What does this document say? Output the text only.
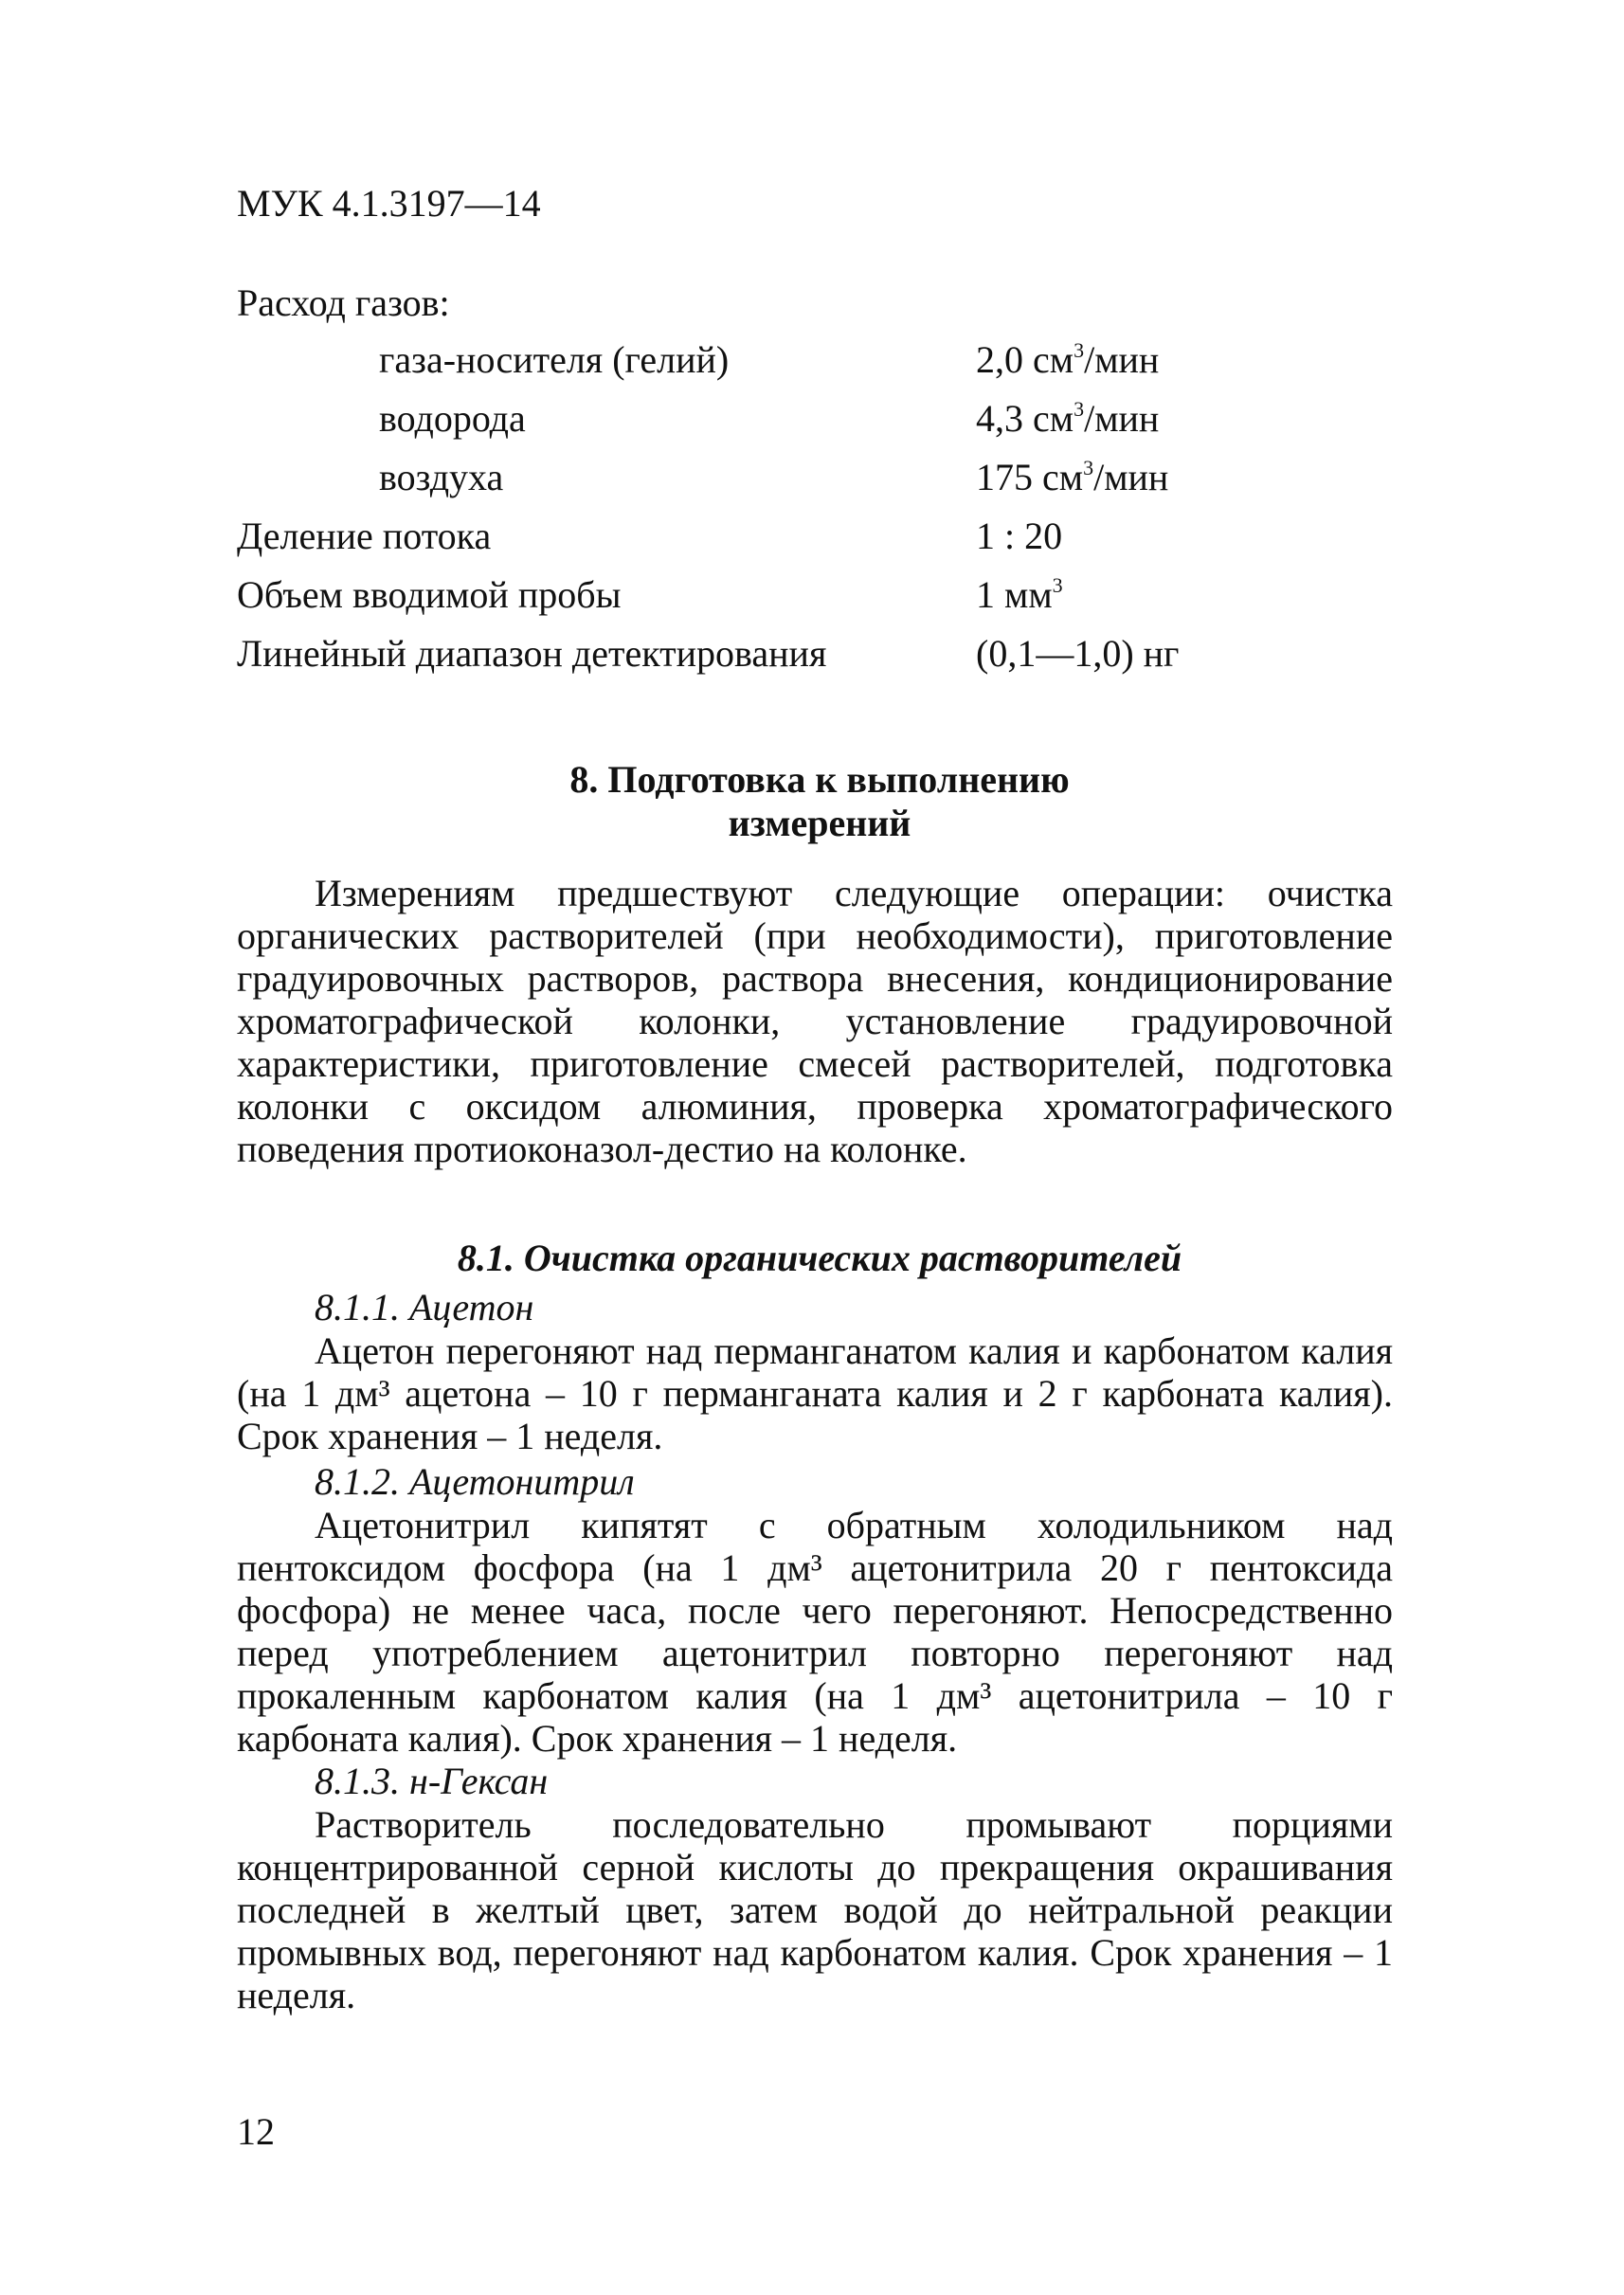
МУК 4.1.3197—14
Расход газов:
газа-носителя (гелий)	2,0 $см^3$/мин
водорода	4,3 $см^3$/мин
воздуха	175 $см^3$/мин
Деление потока	1 : 20
Объем вводимой пробы	1 $мм^3$
Линейный диапазон детектирования	(0,1—1,0) нг
8. Подготовка к выполнению
измерений
Измерениям предшествуют следующие операции: очистка органических растворителей (при необходимости), приготовление градуировочных растворов, раствора внесения, кондиционирование хроматографической колонки, установление градуировочной характеристики, приготовление смесей растворителей, подготовка колонки с оксидом алюминия, проверка хроматографического поведения протиоконазол-дестио на колонке.
8.1. Очистка органических растворителей
8.1.1. Ацетон
Ацетон перегоняют над перманганатом калия и карбонатом калия (на 1 дм³ ацетона – 10 г перманганата калия и 2 г карбоната калия). Срок хранения – 1 неделя.
8.1.2. Ацетонитрил
Ацетонитрил кипятят с обратным холодильником над пентоксидом фосфора (на 1 дм³ ацетонитрила 20 г пентоксида фосфора) не менее часа, после чего перегоняют. Непосредственно перед употреблением ацетонитрил повторно перегоняют над прокаленным карбонатом калия (на 1 дм³ ацетонитрила – 10 г карбоната калия). Срок хранения – 1 неделя.
8.1.3. н-Гексан
Растворитель последовательно промывают порциями концентрированной серной кислоты до прекращения окрашивания последней в желтый цвет, затем водой до нейтральной реакции промывных вод, перегоняют над карбонатом калия. Срок хранения – 1 неделя.
12
